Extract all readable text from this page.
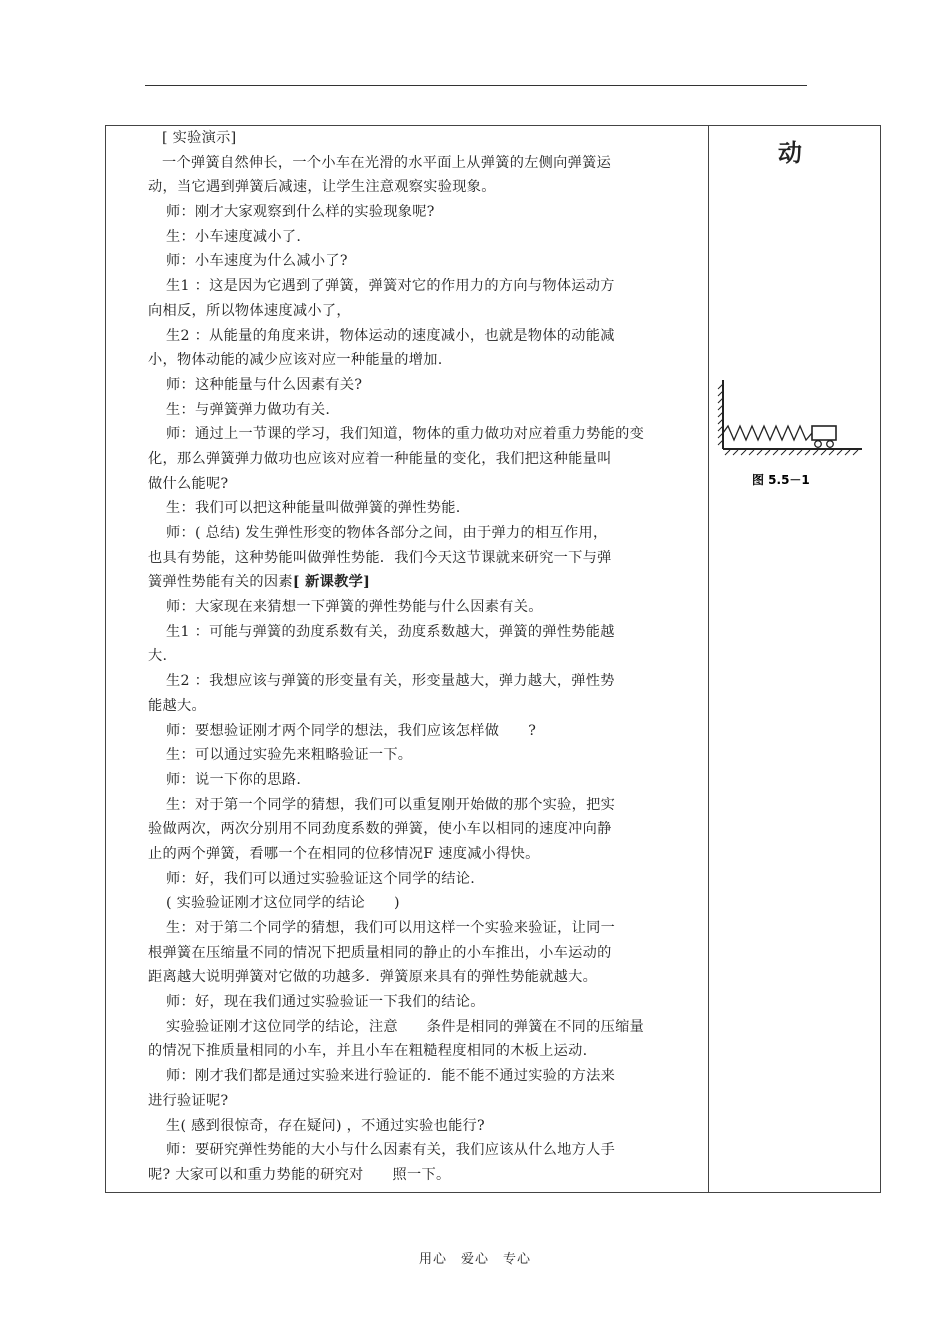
[ 实验演示]
一个弹簧自然伸长，一个小车在光滑的水平面上从弹簧的左侧向弹簧运
动，当它遇到弹簧后减速，让学生注意观察实验现象。
师：刚才大家观察到什么样的实验现象呢?
生：小车速度减小了.
师：小车速度为什么减小了?
生1 ：这是因为它遇到了弹簧，弹簧对它的作用力的方向与物体运动方
向相反，所以物体速度减小了，
生2 ：从能量的角度来讲，物体运动的速度减小，也就是物体的动能减
小，物体动能的减少应该对应一种能量的增加.
师：这种能量与什么因素有关?
生：与弹簧弹力做功有关.
师：通过上一节课的学习，我们知道，物体的重力做功对应着重力势能的变
化，那么弹簧弹力做功也应该对应着一种能量的变化，我们把这种能量叫
做什么能呢?
生：我们可以把这种能量叫做弹簧的弹性势能.
师：( 总结) 发生弹性形变的物体各部分之间，由于弹力的相互作用，
也具有势能，这种势能叫做弹性势能．我们今天这节课就来研究一下与弹
簧弹性势能有关的因素[ 新课教学]
师：大家现在来猜想一下弹簧的弹性势能与什么因素有关。
生1 ：可能与弹簧的劲度系数有关，劲度系数越大，弹簧的弹性势能越
大.
生2 ：我想应该与弹簧的形变量有关，形变量越大，弹力越大，弹性势
能越大。
师：要想验证刚才两个同学的想法，我们应该怎样做　　?
生：可以通过实验先来粗略验证一下。
师：说一下你的思路.
生：对于第一个同学的猜想，我们可以重复刚开始做的那个实验，把实
验做两次，两次分别用不同劲度系数的弹簧，使小车以相同的速度冲向静
止的两个弹簧，看哪一个在相同的位移情况F 速度减小得快。
师：好，我们可以通过实验验证这个同学的结论.
( 实验验证刚才这位同学的结论　　)
生：对于第二个同学的猜想，我们可以用这样一个实验来验证，让同一
根弹簧在压缩量不同的情况下把质量相同的静止的小车推出，小车运动的
距离越大说明弹簧对它做的功越多．弹簧原来具有的弹性势能就越大。
师：好，现在我们通过实验验证一下我们的结论。
实验验证刚才这位同学的结论，注意　　条件是相同的弹簧在不同的压缩量
的情况下推质量相同的小车，并且小车在粗糙程度相同的木板上运动.
师：刚才我们都是通过实验来进行验证的．能不能不通过实验的方法来
进行验证呢?
生( 感到很惊奇，存在疑问) ，不通过实验也能行?
师：要研究弹性势能的大小与什么因素有关，我们应该从什么地方人手
呢? 大家可以和重力势能的研究对　　照一下。
动
图 5.5－1
用心　爱心　专心
